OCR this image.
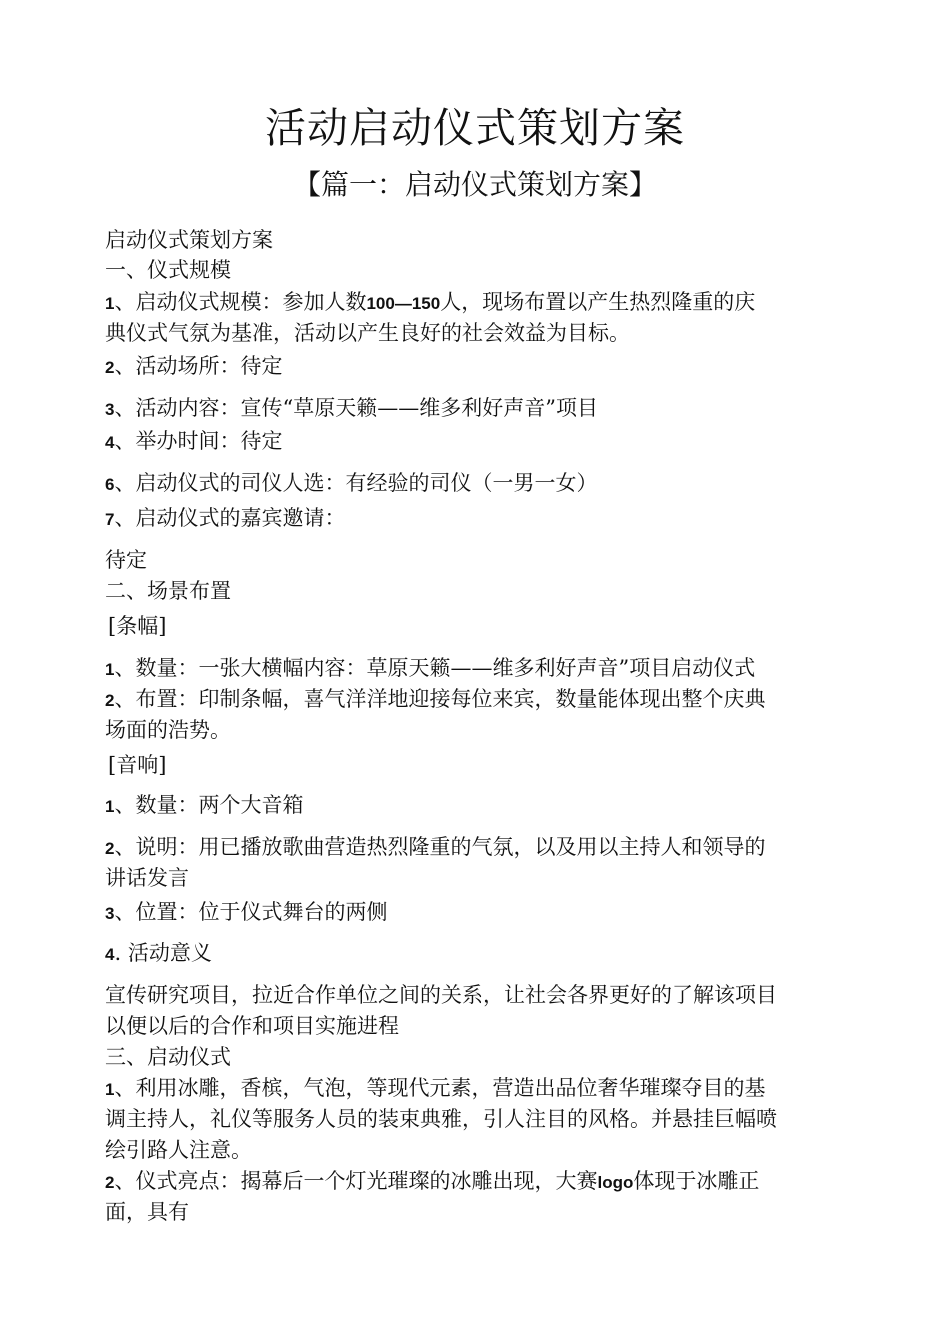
活动启动仪式策划方案
【篇一：启动仪式策划方案】
启动仪式策划方案
一、仪式规模
1、启动仪式规模：参加人数100—150人，现场布置以产生热烈隆重的庆
典仪式气氛为基准，活动以产生良好的社会效益为目标。
2、活动场所：待定
3、活动内容：宣传“草原天籁——维多利好声音”项目
4、举办时间：待定
6、启动仪式的司仪人选：有经验的司仪（一男一女）
7、启动仪式的嘉宾邀请：
待定
二、场景布置
[条幅]
1、数量：一张大横幅内容：草原天籁——维多利好声音”项目启动仪式
2、布置：印制条幅，喜气洋洋地迎接每位来宾，数量能体现出整个庆典
场面的浩势。
[音响]
1、数量：两个大音箱
2、说明：用已播放歌曲营造热烈隆重的气氛，以及用以主持人和领导的
讲话发言
3、位置：位于仪式舞台的两侧
4. 活动意义
宣传研究项目，拉近合作单位之间的关系，让社会各界更好的了解该项目
以便以后的合作和项目实施进程
三、启动仪式
1、利用冰雕，香槟，气泡，等现代元素，营造出品位奢华璀璨夺目的基
调主持人，礼仪等服务人员的装束典雅，引人注目的风格。并悬挂巨幅喷
绘引路人注意。
2、仪式亮点：揭幕后一个灯光璀璨的冰雕出现，大赛logo体现于冰雕正
面，具有
